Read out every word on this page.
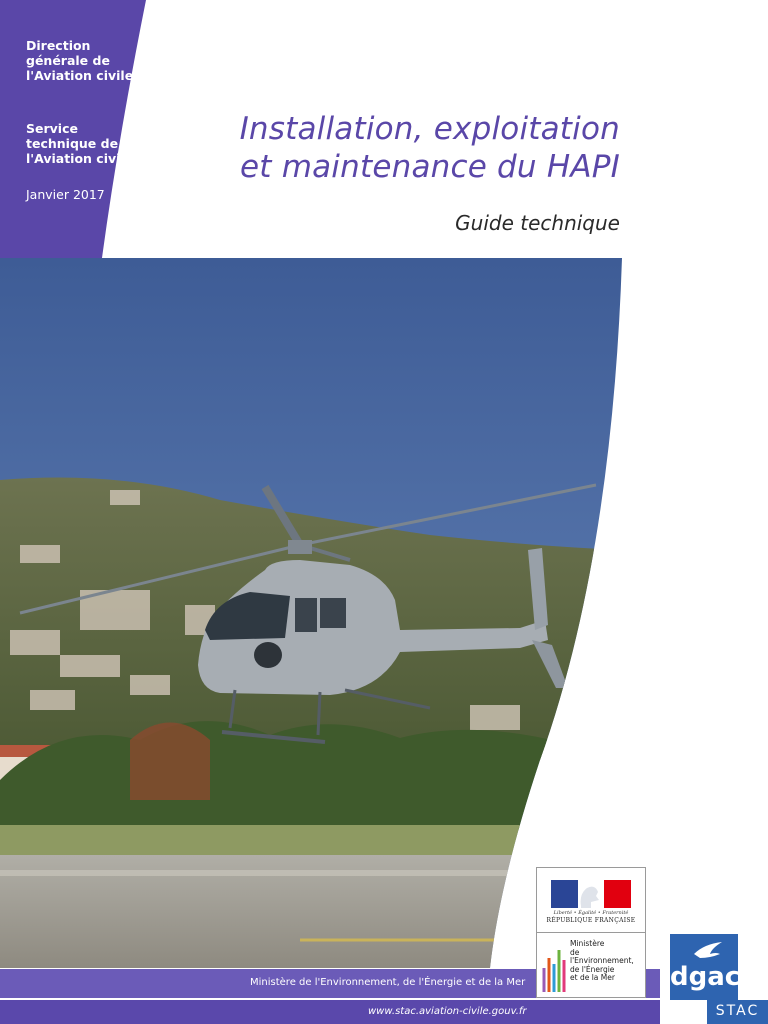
Direction
générale de
l'Aviation civile
Service
technique de
l'Aviation civile
Janvier 2017
Installation, exploitation
et maintenance du HAPI
Guide technique
Ministère de l'Environnement, de l'Énergie et de la Mer
www.stac.aviation-civile.gouv.fr
Liberté • Égalité • Fraternité
RÉPUBLIQUE FRANÇAISE
Ministère
de l'Environnement,
de l'Énergie
et de la Mer	dgac
STAC
